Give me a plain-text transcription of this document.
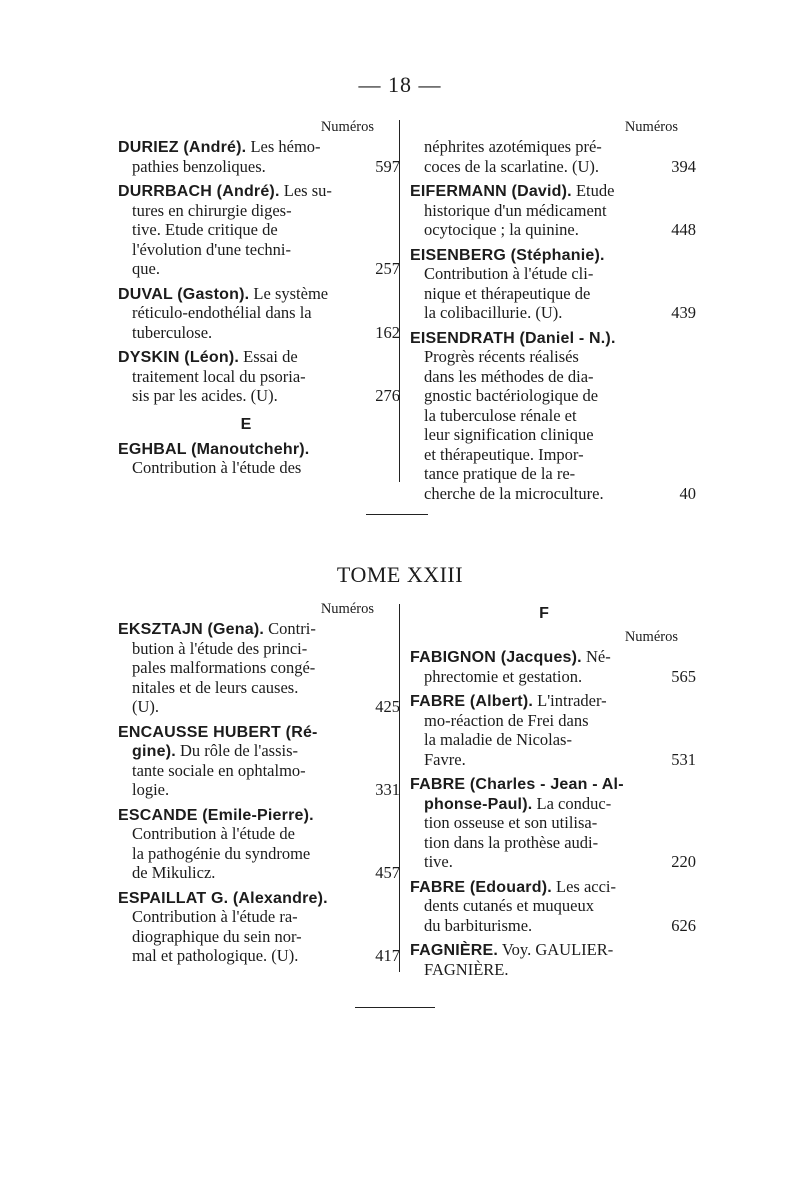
— 18 —
Numéros
DURIEZ (André). Les hémo-
pathies benzoliques.	597
DURRBACH (André). Les su-
tures en chirurgie diges-
tive. Etude critique de
l'évolution d'une techni-
que.	257
DUVAL (Gaston). Le système
réticulo-endothélial dans la
tuberculose.	162
DYSKIN (Léon). Essai de
traitement local du psoria-
sis par les acides. (U).	276
E
EGHBAL (Manoutchehr).
Contribution à l'étude des
Numéros
néphrites azotémiques pré-
coces de la scarlatine. (U).	394
EIFERMANN (David). Etude
historique d'un médicament
ocytocique ; la quinine.	448
EISENBERG (Stéphanie).
Contribution à l'étude cli-
nique et thérapeutique de
la colibacillurie. (U).	439
EISENDRATH (Daniel - N.).
Progrès récents réalisés
dans les méthodes de dia-
gnostic bactériologique de
la tuberculose rénale et
leur signification clinique
et thérapeutique. Impor-
tance pratique de la re-
cherche de la microculture.	40
TOME XXIII
Numéros
EKSZTAJN (Gena). Contri-
bution à l'étude des princi-
pales malformations congé-
nitales et de leurs causes.
(U).	425
ENCAUSSE HUBERT (Ré-
gine). Du rôle de l'assis-
tante sociale en ophtalmo-
logie.	331
ESCANDE (Emile-Pierre).
Contribution à l'étude de
la pathogénie du syndrome
de Mikulicz.	457
ESPAILLAT G. (Alexandre).
Contribution à l'étude ra-
diographique du sein nor-
mal et pathologique. (U).	417
F
Numéros
FABIGNON (Jacques). Né-
phrectomie et gestation.	565
FABRE (Albert). L'intrader-
mo-réaction de Frei dans
la maladie de Nicolas-
Favre.	531
FABRE (Charles - Jean - Al-
phonse-Paul). La conduc-
tion osseuse et son utilisa-
tion dans la prothèse audi-
tive.	220
FABRE (Edouard). Les acci-
dents cutanés et muqueux
du barbiturisme.	626
FAGNIÈRE. Voy. GAULIER-
FAGNIÈRE.
